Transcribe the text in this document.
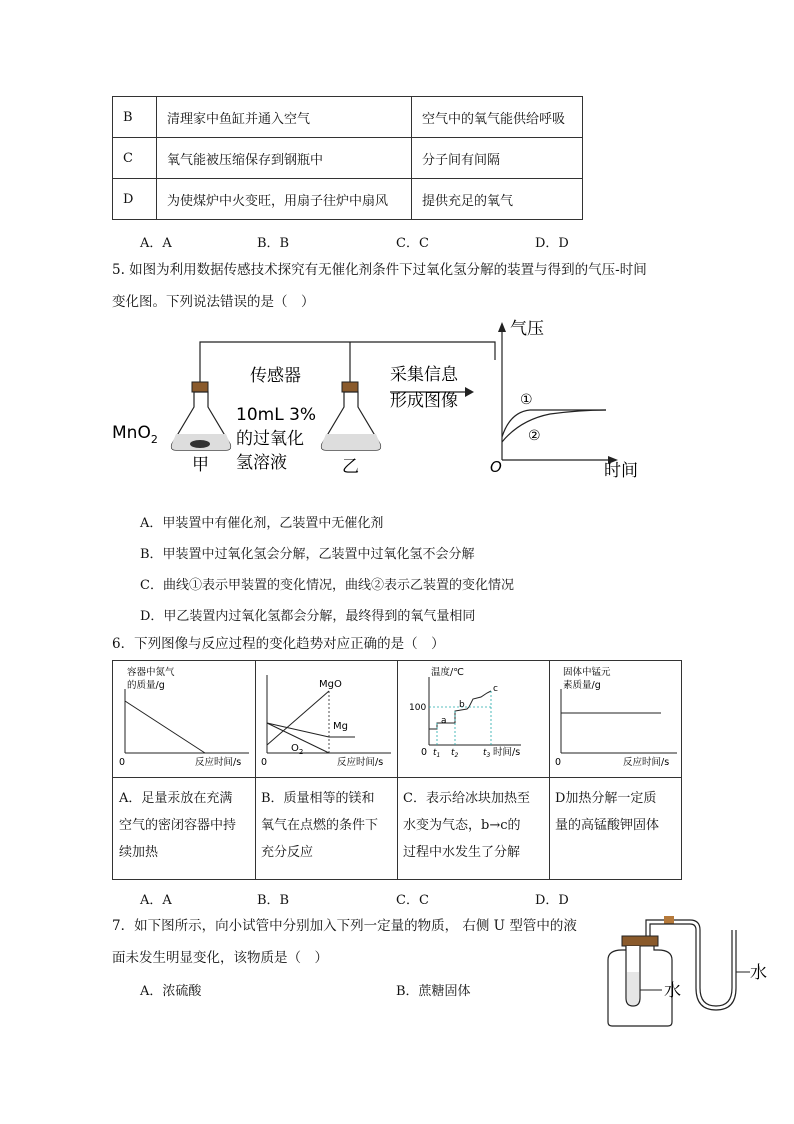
B	清理家中鱼缸并通入空气	空气中的氧气能供给呼吸
C	氧气能被压缩保存到钢瓶中	分子间有间隔
D	为使煤炉中火变旺，用扇子往炉中扇风	提供充足的氧气
A．A	B．B	C．C	D．D
5. 如图为利用数据传感技术探究有无催化剂条件下过氧化氢分解的装置与得到的气压-时间
变化图。下列说法错误的是（　）
传感器	采集信息
形成图像
MnO$_2$
10mL 3%
的过氧化
氢溶液
甲	乙
气压
时间
O
①
②
A．甲装置中有催化剂，乙装置中无催化剂
B．甲装置中过氧化氢会分解，乙装置中过氧化氢不会分解
C．曲线①表示甲装置的变化情况，曲线②表示乙装置的变化情况
D．甲乙装置内过氧化氢都会分解，最终得到的氧气量相同
6．下列图像与反应过程的变化趋势对应正确的是（　）
容器中氮气
的质量/g
反应时间/s
0
MgO
Mg
$O_2$
反应时间/s
0
温度/℃
100
时间/s
0
a
b
c
$t_1$ $t_2$	$t_3$
固体中锰元
素质量/g
反应时间/s
0
A．足量汞放在充满
空气的密闭容器中持
续加热
B．质量相等的镁和
氧气在点燃的条件下
充分反应
C．表示给冰块加热至
水变为气态，b→c的
过程中水发生了分解
D加热分解一定质
量的高锰酸钾固体
A．A	B．B	C．C	D．D
7．如下图所示，向小试管中分别加入下列一定量的物质， 右侧 U 型管中的液
面未发生明显变化，该物质是（　）
A．浓硫酸	B．蔗糖固体
水
水
